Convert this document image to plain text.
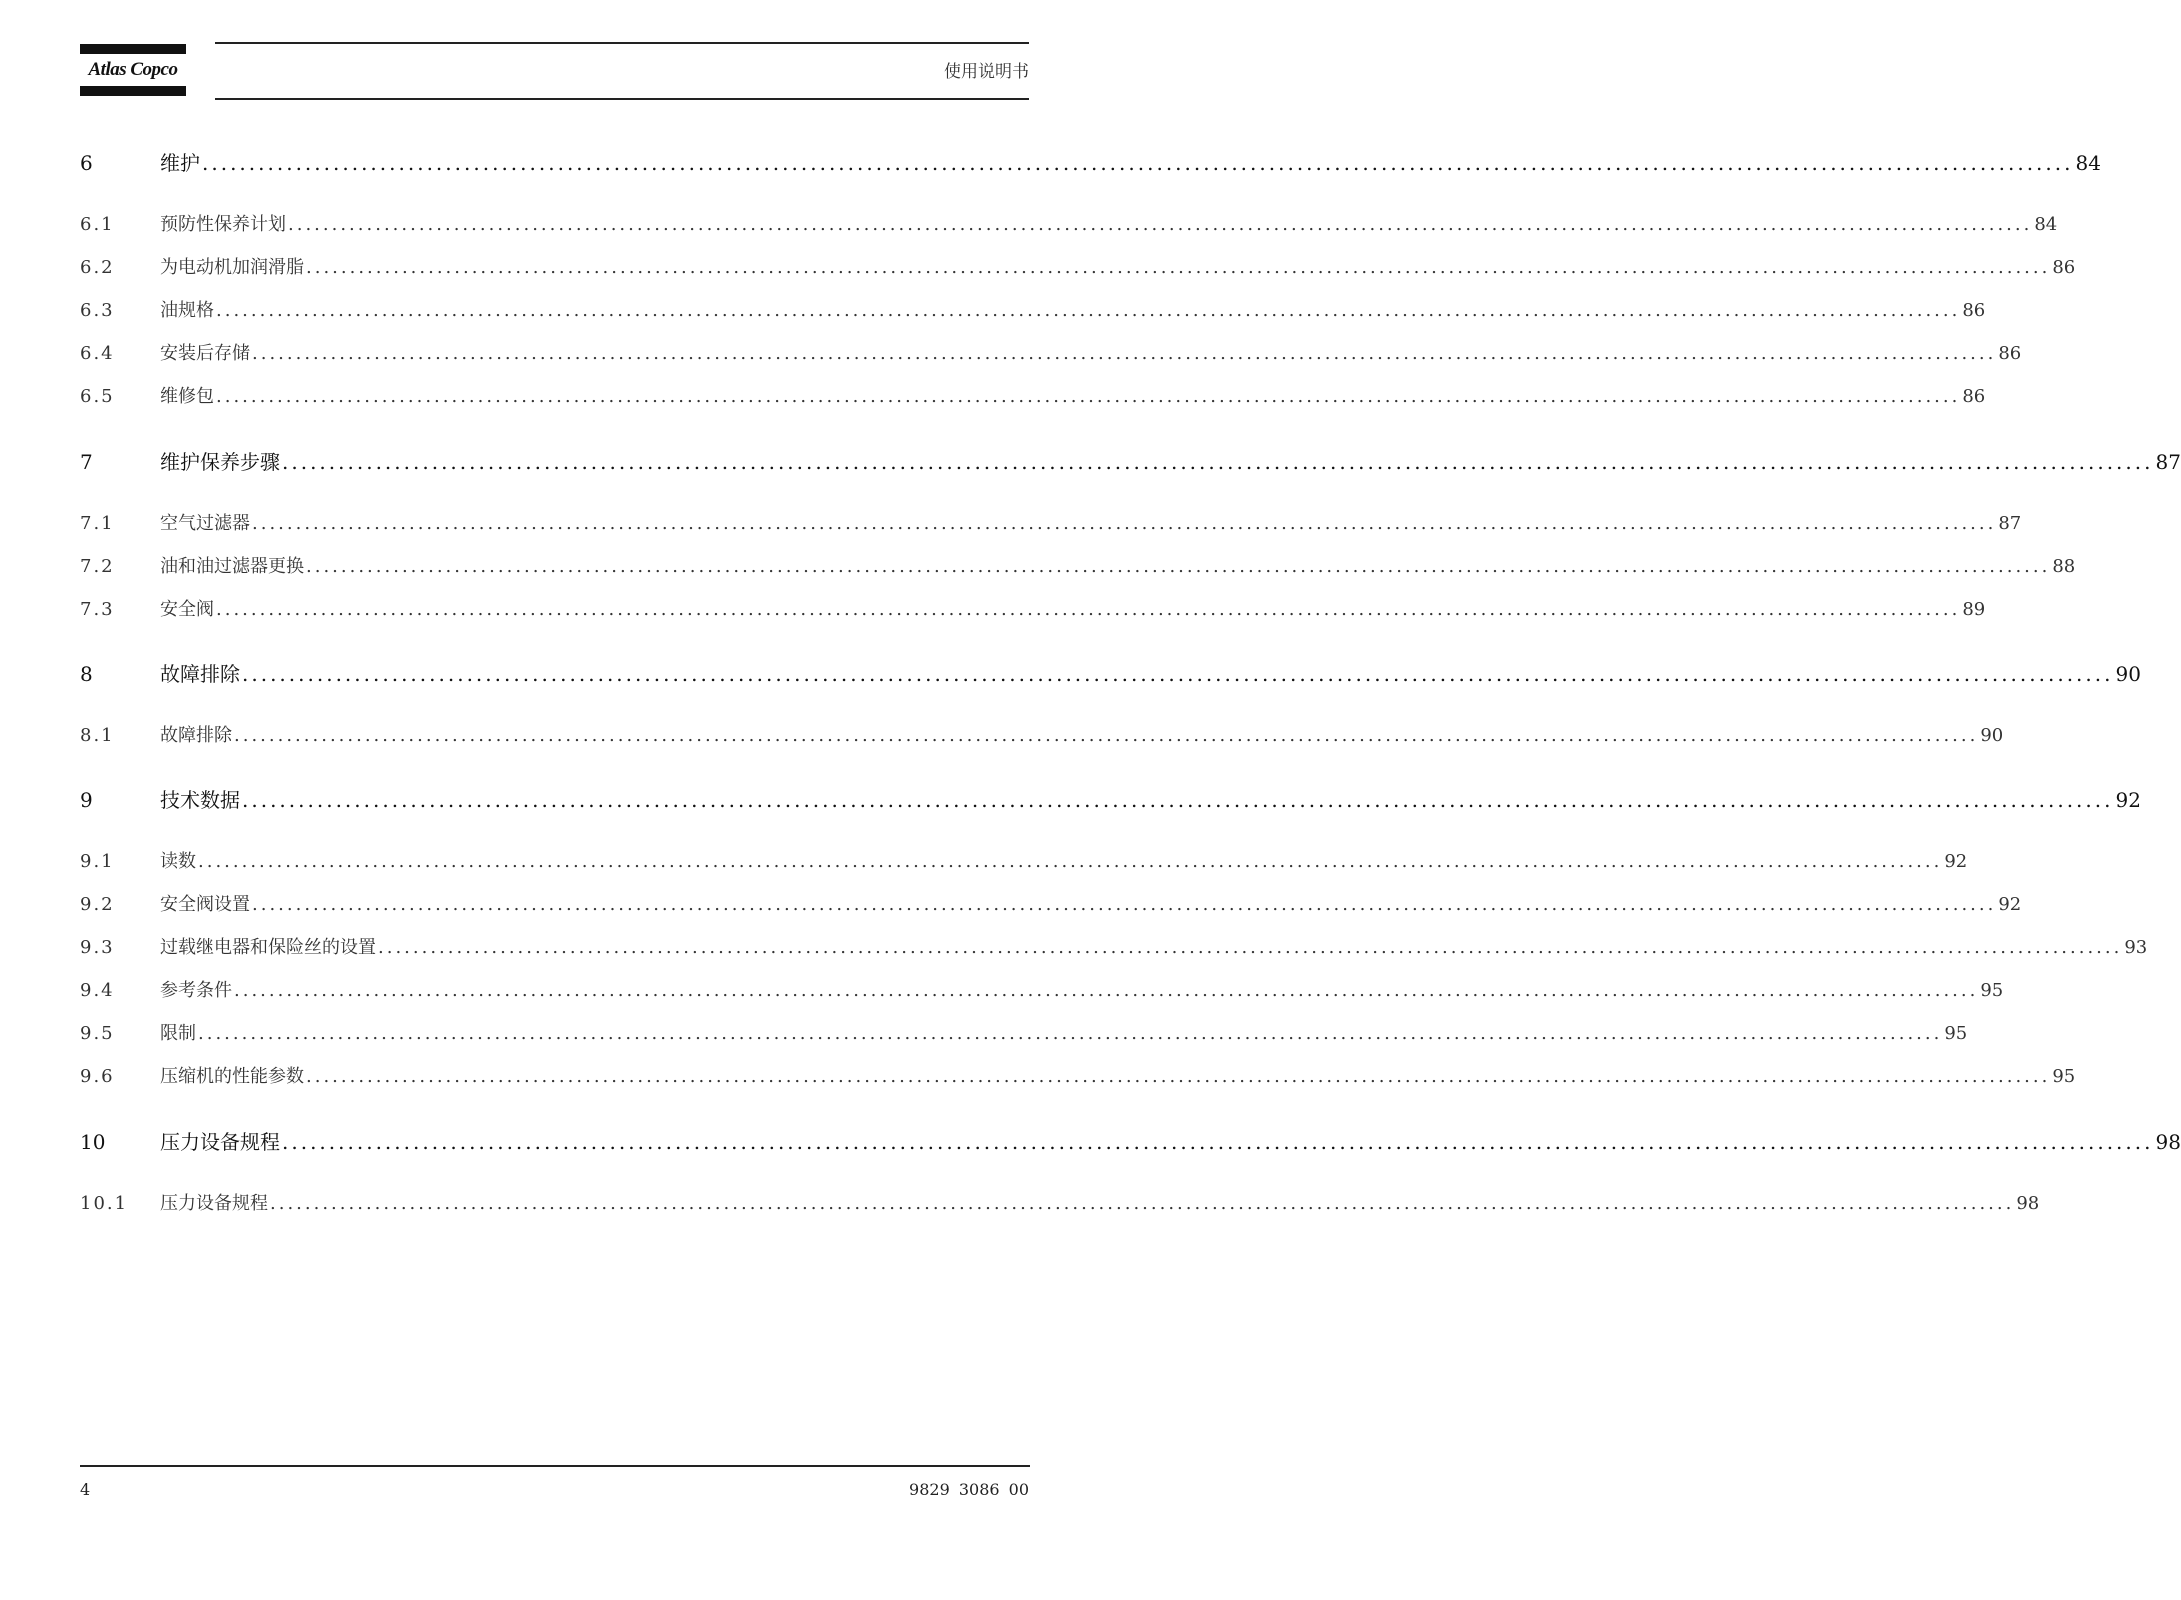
Atlas Copco	使用说明书
6	维护 ........................................................................................................................................................................................................ 84
6.1	预防性保养计划 ........................................................................................................................................................................................................ 84
6.2	为电动机加润滑脂 ........................................................................................................................................................................................................ 86
6.3	油规格 ........................................................................................................................................................................................................ 86
6.4	安装后存储 ........................................................................................................................................................................................................ 86
6.5	维修包 ........................................................................................................................................................................................................ 86
7	维护保养步骤 ........................................................................................................................................................................................................ 87
7.1	空气过滤器 ........................................................................................................................................................................................................ 87
7.2	油和油过滤器更换 ........................................................................................................................................................................................................ 88
7.3	安全阀 ........................................................................................................................................................................................................ 89
8	故障排除 ........................................................................................................................................................................................................ 90
8.1	故障排除 ........................................................................................................................................................................................................ 90
9	技术数据 ........................................................................................................................................................................................................ 92
9.1	读数 ........................................................................................................................................................................................................ 92
9.2	安全阀设置 ........................................................................................................................................................................................................ 92
9.3	过载继电器和保险丝的设置 ........................................................................................................................................................................................................ 93
9.4	参考条件 ........................................................................................................................................................................................................ 95
9.5	限制 ........................................................................................................................................................................................................ 95
9.6	压缩机的性能参数 ........................................................................................................................................................................................................ 95
10	压力设备规程 ........................................................................................................................................................................................................ 98
10.1	压力设备规程 ........................................................................................................................................................................................................ 98
4	9829 3086 00
